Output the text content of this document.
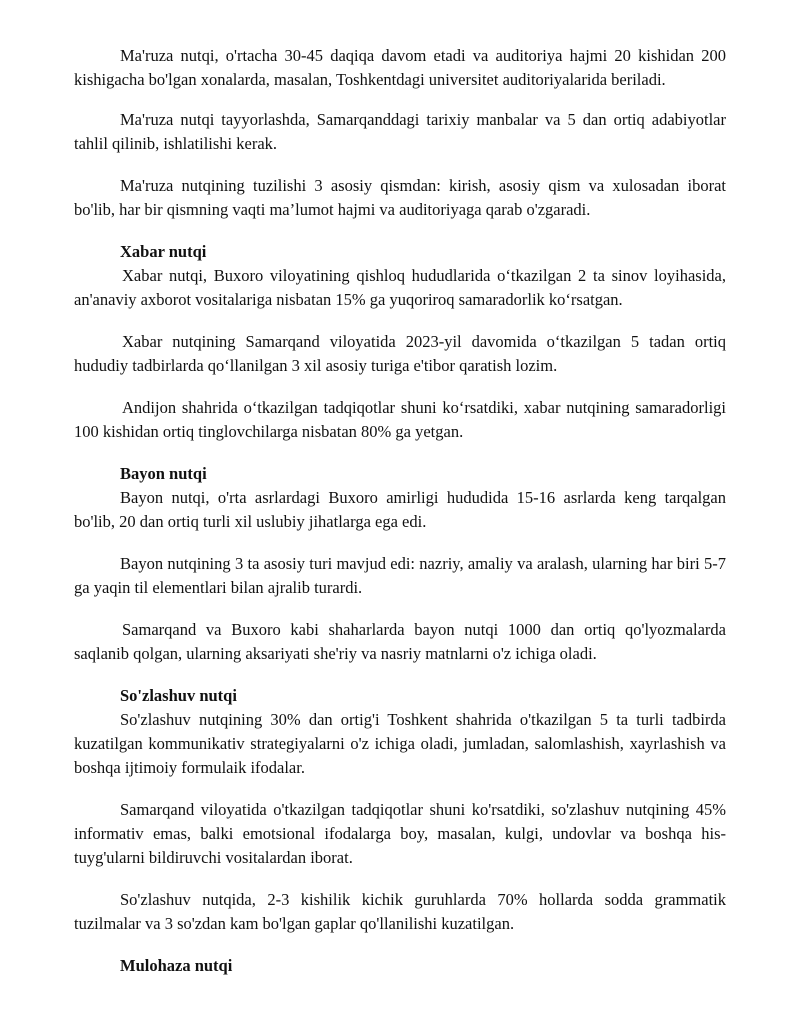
Ma'ruza nutqi, o'rtacha 30-45 daqiqa davom etadi va auditoriya hajmi 20 kishidan 200 kishigacha bo'lgan xonalarda, masalan, Toshkentdagi universitet auditoriyalarida beriladi.

Ma'ruza nutqi tayyorlashda, Samarqanddagi tarixiy manbalar va 5 dan ortiq adabiyotlar tahlil qilinib, ishlatilishi kerak.

Ma'ruza nutqining tuzilishi 3 asosiy qismdan: kirish, asosiy qism va xulosadan iborat bo'lib, har bir qismning vaqti ma’lumot hajmi va auditoriyaga qarab o'zgaradi.

Xabar nutqi

Xabar nutqi, Buxoro viloyatining qishloq hududlarida o‘tkazilgan 2 ta sinov loyihasida, an'anaviy axborot vositalariga nisbatan 15% ga yuqoriroq samaradorlik ko‘rsatgan.

Xabar nutqining Samarqand viloyatida 2023-yil davomida o‘tkazilgan 5 tadan ortiq hududiy tadbirlarda qo‘llanilgan 3 xil asosiy turiga e'tibor qaratish lozim.

Andijon shahrida o‘tkazilgan tadqiqotlar shuni ko‘rsatdiki, xabar nutqining samaradorligi 100 kishidan ortiq tinglovchilarga nisbatan 80% ga yetgan.

Bayon nutqi

Bayon nutqi, o'rta asrlardagi Buxoro amirligi hududida 15-16 asrlarda keng tarqalgan bo'lib, 20 dan ortiq turli xil uslubiy jihatlarga ega edi.

Bayon nutqining 3 ta asosiy turi mavjud edi: nazriy, amaliy va aralash, ularning har biri 5-7 ga yaqin til elementlari bilan ajralib turardi.

Samarqand va Buxoro kabi shaharlarda bayon nutqi 1000 dan ortiq qo'lyozmalarda saqlanib qolgan, ularning aksariyati she'riy va nasriy matnlarni o'z ichiga oladi.

So'zlashuv nutqi

So'zlashuv nutqining 30% dan ortig'i Toshkent shahrida o'tkazilgan 5 ta turli tadbirda kuzatilgan kommunikativ strategiyalarni o'z ichiga oladi, jumladan, salomlashish, xayrlashish va boshqa ijtimoiy formulaik ifodalar.

Samarqand viloyatida o'tkazilgan tadqiqotlar shuni ko'rsatdiki, so'zlashuv nutqining 45% informativ emas, balki emotsional ifodalarga boy, masalan, kulgi, undovlar va boshqa his-tuyg'ularni bildiruvchi vositalardan iborat.

So'zlashuv nutqida, 2-3 kishilik kichik guruhlarda 70% hollarda sodda grammatik tuzilmalar va 3 so'zdan kam bo'lgan gaplar qo'llanilishi kuzatilgan.

Mulohaza nutqi
